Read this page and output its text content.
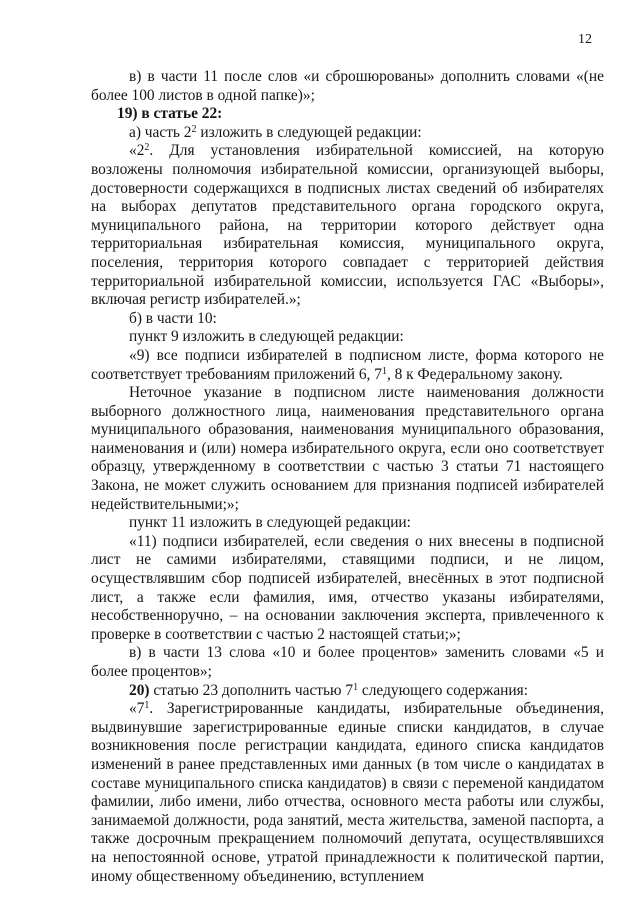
12

в) в части 11 после слов «и сброшюрованы» дополнить словами «(не более 100 листов в одной папке)»;

19) в статье 22:

а) часть $2^2$ изложить в следующей редакции:

«$2^2$. Для установления избирательной комиссией, на которую возложены полномочия избирательной комиссии, организующей выборы, достоверности содержащихся в подписных листах сведений об избирателях на выборах депутатов представительного органа городского округа, муниципального района, на территории которого действует одна территориальная избирательная комиссия, муниципального округа, поселения, территория которого совпадает с территорией действия территориальной избирательной комиссии, используется ГАС «Выборы», включая регистр избирателей.»;

б) в части 10:

пункт 9 изложить в следующей редакции:

«9) все подписи избирателей в подписном листе, форма которого не соответствует требованиям приложений 6, $7^1$, 8 к Федеральному закону.

Неточное указание в подписном листе наименования должности выборного должностного лица, наименования представительного органа муниципального образования, наименования муниципального образования, наименования и (или) номера избирательного округа, если оно соответствует образцу, утвержденному в соответствии с частью 3 статьи 71 настоящего Закона, не может служить основанием для признания подписей избирателей недействительными;»;

пункт 11 изложить в следующей редакции:

«11) подписи избирателей, если сведения о них внесены в подписной лист не самими избирателями, ставящими подписи, и не лицом, осуществлявшим сбор подписей избирателей, внесённых в этот подписной лист, а также если фамилия, имя, отчество указаны избирателями, несобственноручно, – на основании заключения эксперта, привлеченного к проверке в соответствии с частью 2 настоящей статьи;»;

в) в части 13 слова «10 и более процентов» заменить словами «5 и более процентов»;

20) статью 23 дополнить частью $7^1$ следующего содержания:

«$7^1$. Зарегистрированные кандидаты, избирательные объединения, выдвинувшие зарегистрированные единые списки кандидатов, в случае возникновения после регистрации кандидата, единого списка кандидатов изменений в ранее представленных ими данных (в том числе о кандидатах в составе муниципального списка кандидатов) в связи с переменой кандидатом фамилии, либо имени, либо отчества, основного места работы или службы, занимаемой должности, рода занятий, места жительства, заменой паспорта, а также досрочным прекращением полномочий депутата, осуществлявшихся на непостоянной основе, утратой принадлежности к политической партии, иному общественному объединению, вступлением
